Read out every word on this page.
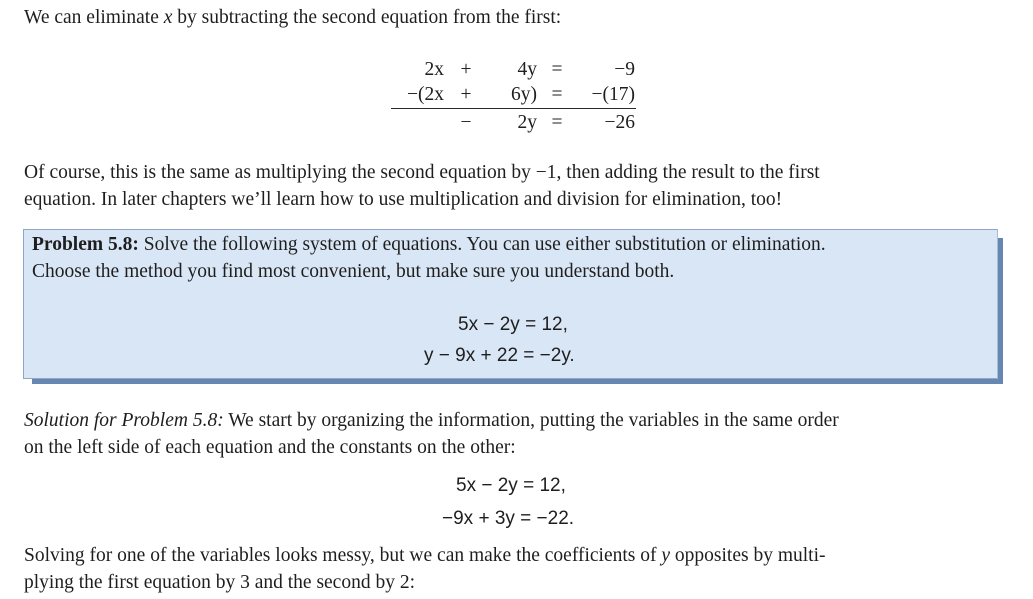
We can eliminate x by subtracting the second equation from the first:
2x +	4y =	−9
−(2x +	6y) =	−(17)
−	2y =	−26
Of course, this is the same as multiplying the second equation by −1, then adding the result to the first
equation. In later chapters we’ll learn how to use multiplication and division for elimination, too!
Problem 5.8: Solve the following system of equations. You can use either substitution or elimination.
Choose the method you find most convenient, but make sure you understand both.
5x − 2y = 12,
y − 9x + 22 = −2y.
Solution for Problem 5.8: We start by organizing the information, putting the variables in the same order
on the left side of each equation and the constants on the other:
5x − 2y = 12,
−9x + 3y = −22.
Solving for one of the variables looks messy, but we can make the coefficients of y opposites by multi-
plying the first equation by 3 and the second by 2:
